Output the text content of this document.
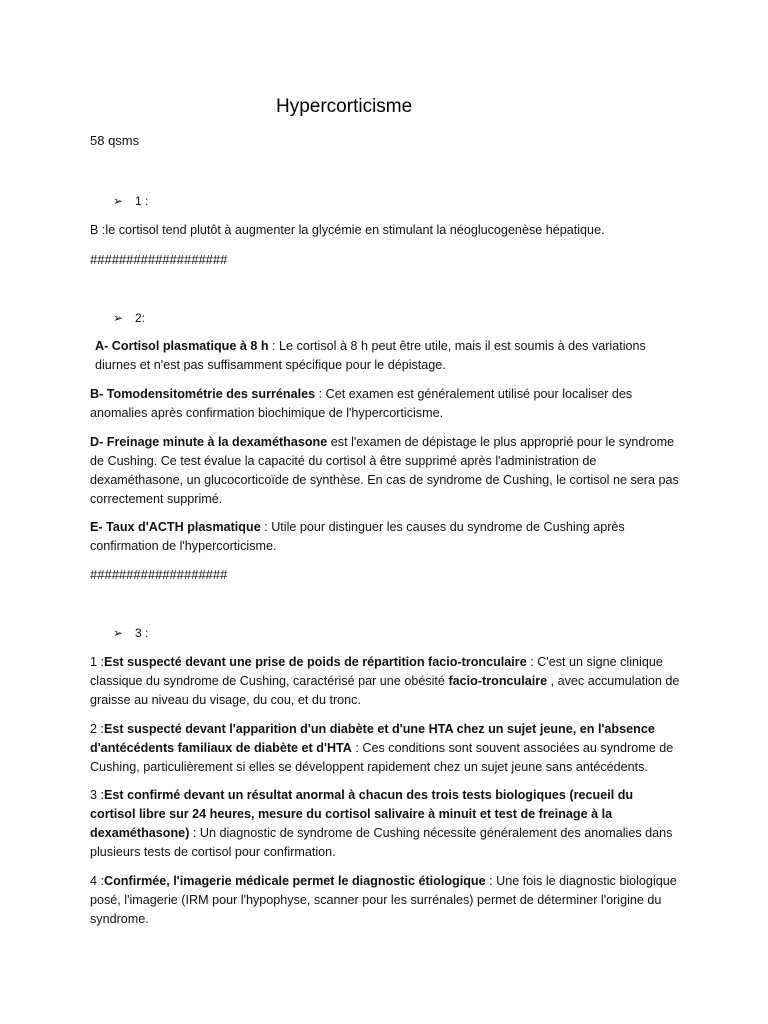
Hypercorticisme
58 qsms
➢ 1 :
B :le cortisol tend plutôt à augmenter la glycémie en stimulant la néoglucogenèse hépatique.
###################
➢ 2:
A- Cortisol plasmatique à 8 h : Le cortisol à 8 h peut être utile, mais il est soumis à des variations diurnes et n'est pas suffisamment spécifique pour le dépistage.
B- Tomodensitométrie des surrénales : Cet examen est généralement utilisé pour localiser des anomalies après confirmation biochimique de l'hypercorticisme.
D- Freinage minute à la dexaméthasone est l'examen de dépistage le plus approprié pour le syndrome de Cushing. Ce test évalue la capacité du cortisol à être supprimé après l'administration de dexaméthasone, un glucocorticoïde de synthèse. En cas de syndrome de Cushing, le cortisol ne sera pas correctement supprimé.
E- Taux d'ACTH plasmatique : Utile pour distinguer les causes du syndrome de Cushing après confirmation de l'hypercorticisme.
###################
➢ 3 :
1 :Est suspecté devant une prise de poids de répartition facio-tronculaire : C'est un signe clinique classique du syndrome de Cushing, caractérisé par une obésité facio-tronculaire , avec accumulation de graisse au niveau du visage, du cou, et du tronc.
2 :Est suspecté devant l'apparition d'un diabète et d'une HTA chez un sujet jeune, en l'absence d'antécédents familiaux de diabète et d'HTA : Ces conditions sont souvent associées au syndrome de Cushing, particulièrement si elles se développent rapidement chez un sujet jeune sans antécédents.
3 :Est confirmé devant un résultat anormal à chacun des trois tests biologiques (recueil du cortisol libre sur 24 heures, mesure du cortisol salivaire à minuit et test de freinage à la dexaméthasone) : Un diagnostic de syndrome de Cushing nécessite généralement des anomalies dans plusieurs tests de cortisol pour confirmation.
4 :Confirmée, l'imagerie médicale permet le diagnostic étiologique : Une fois le diagnostic biologique posé, l'imagerie (IRM pour l'hypophyse, scanner pour les surrénales) permet de déterminer l'origine du syndrome.
